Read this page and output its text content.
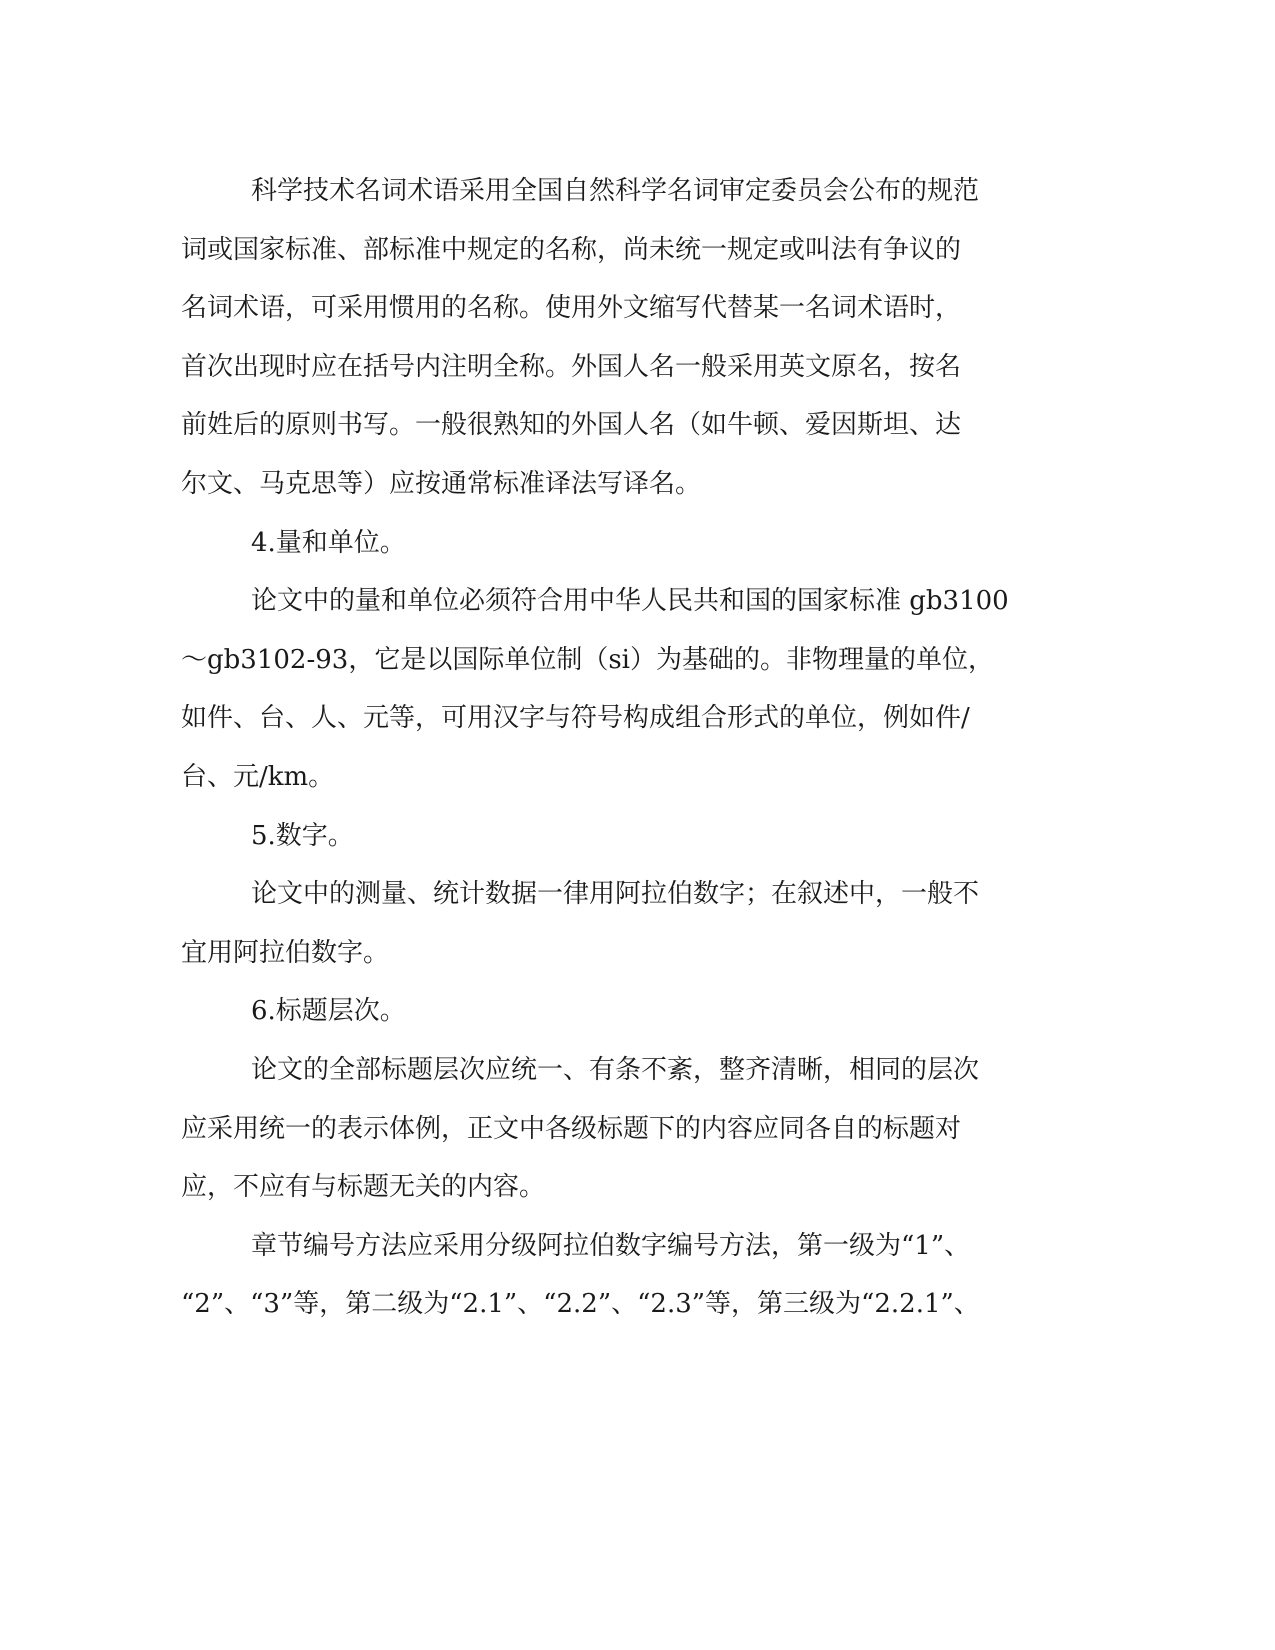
科学技术名词术语采用全国自然科学名词审定委员会公布的规范
词或国家标准、部标准中规定的名称，尚未统一规定或叫法有争议的
名词术语，可采用惯用的名称。使用外文缩写代替某一名词术语时，
首次出现时应在括号内注明全称。外国人名一般采用英文原名，按名
前姓后的原则书写。一般很熟知的外国人名（如牛顿、爱因斯坦、达
尔文、马克思等）应按通常标准译法写译名。
4.量和单位。
论文中的量和单位必须符合用中华人民共和国的国家标准 gb3100
～gb3102-93，它是以国际单位制（si）为基础的。非物理量的单位，
如件、台、人、元等，可用汉字与符号构成组合形式的单位，例如件/
台、元/km。
5.数字。
论文中的测量、统计数据一律用阿拉伯数字；在叙述中，一般不
宜用阿拉伯数字。
6.标题层次。
论文的全部标题层次应统一、有条不紊，整齐清晰，相同的层次
应采用统一的表示体例，正文中各级标题下的内容应同各自的标题对
应，不应有与标题无关的内容。
章节编号方法应采用分级阿拉伯数字编号方法，第一级为“1”、
“2”、“3”等，第二级为“2.1”、“2.2”、“2.3”等，第三级为“2.2.1”、
